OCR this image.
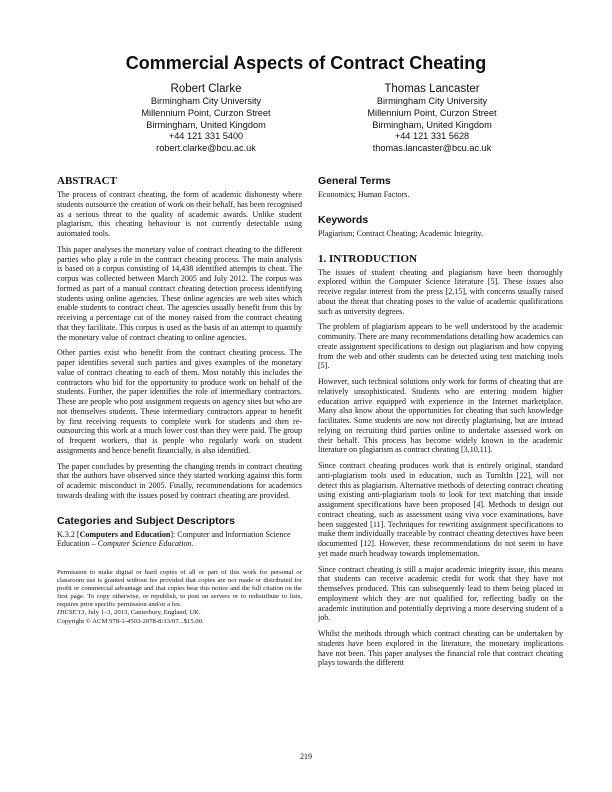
Commercial Aspects of Contract Cheating
Robert Clarke
Birmingham City University
Millennium Point, Curzon Street
Birmingham, United Kingdom
+44 121 331 5400
robert.clarke@bcu.ac.uk
Thomas Lancaster
Birmingham City University
Millennium Point, Curzon Street
Birmingham, United Kingdom
+44 121 331 5628
thomas.lancaster@bcu.ac.uk
ABSTRACT

The process of contract cheating, the form of academic dishonesty where students outsource the creation of work on their behalf, has been recognised as a serious threat to the quality of academic awards. Unlike student plagiarism, this cheating behaviour is not currently detectable using automated tools.

This paper analyses the monetary value of contract cheating to the different parties who play a role in the contract cheating process. The main analysis is based on a corpus consisting of 14,438 identified attempts to cheat. The corpus was collected between March 2005 and July 2012. The corpus was formed as part of a manual contract cheating detection process identifying students using online agencies. These online agencies are web sites which enable students to contract cheat. The agencies usually benefit from this by receiving a percentage cut of the money raised from the contract cheating that they facilitate. This corpus is used as the basis of an attempt to quantify the monetary value of contract cheating to online agencies.

Other parties exist who benefit from the contract cheating process. The paper identifies several such parties and gives examples of the monetary value of contract cheating to each of them. Most notably this includes the contractors who bid for the opportunity to produce work on behalf of the students. Further, the paper identifies the role of intermediary contractors. These are people who post assignment requests on agency sites but who are not themselves students. These intermediary contractors appear to benefit by first receiving requests to complete work for students and then re-outsourcing this work at a much lower cost than they were paid. The group of frequent workers, that is people who regularly work on student assignments and hence benefit financially, is also identified.

The paper concludes by presenting the changing trends in contract cheating that the authors have observed since they started working against this form of academic misconduct in 2005. Finally, recommendations for academics towards dealing with the issues posed by contract cheating are provided.

Categories and Subject Descriptors

K.3.2 [Computers and Education]: Computer and Information Science Education – Computer Science Education.

Permission to make digital or hard copies of all or part of this work for personal or classroom use is granted without fee provided that copies are not made or distributed for profit or commercial advantage and that copies bear this notice and the full citation on the first page. To copy otherwise, or republish, to post on servers or to redistribute to lists, requires prior specific permission and/or a fee.
ITiCSE'13, July 1–3, 2013, Canterbury, England, UK.
Copyright © ACM 978-1-4503-2078-8/13/07...$15.00.
General Terms

Economics; Human Factors.

Keywords

Plagiarism; Contract Cheating; Academic Integrity.

1. INTRODUCTION

The issues of student cheating and plagiarism have been thoroughly explored within the Computer Science literature [5]. These issues also receive regular interest from the press [2,15], with concerns usually raised about the threat that cheating poses to the value of academic qualifications such as university degrees.

The problem of plagiarism appears to be well understood by the academic community. There are many recommendations detailing how academics can create assignment specifications to design out plagiarism and how copying from the web and other students can be detected using text matching tools [5].

However, such technical solutions only work for forms of cheating that are relatively unsophisticated. Students who are entering modern higher education arrive equipped with experience in the Internet marketplace. Many also know about the opportunities for cheating that such knowledge facilitates. Some students are now not directly plagiarising, but are instead relying on recruiting third parties online to undertake assessed work on their behalf. This process has become widely known in the academic literature on plagiarism as contract cheating [3,10,11].

Since contract cheating produces work that is entirely original, standard anti-plagiarism tools used in education, such as TurnItIn [22], will not detect this as plagiarism. Alternative methods of detecting contract cheating using existing anti-plagiarism tools to look for text matching that inside assignment specifications have been proposed [4]. Methods to design out contract cheating, such as assessment using viva voce examinations, have been suggested [11]. Techniques for rewriting assignment specifications to make them individually traceable by contract cheating detectives have been documented [12]. However, these recommendations do not seem to have yet made much headway towards implementation.

Since contract cheating is still a major academic integrity issue, this means that students can receive academic credit for work that they have not themselves produced. This can subsequently lead to them being placed in employment which they are not qualified for, reflecting badly on the academic institution and potentially depriving a more deserving student of a job.

Whilst the methods through which contract cheating can be undertaken by students have been explored in the literature, the monetary implications have not been. This paper analyses the financial role that contract cheating plays towards the different

219
